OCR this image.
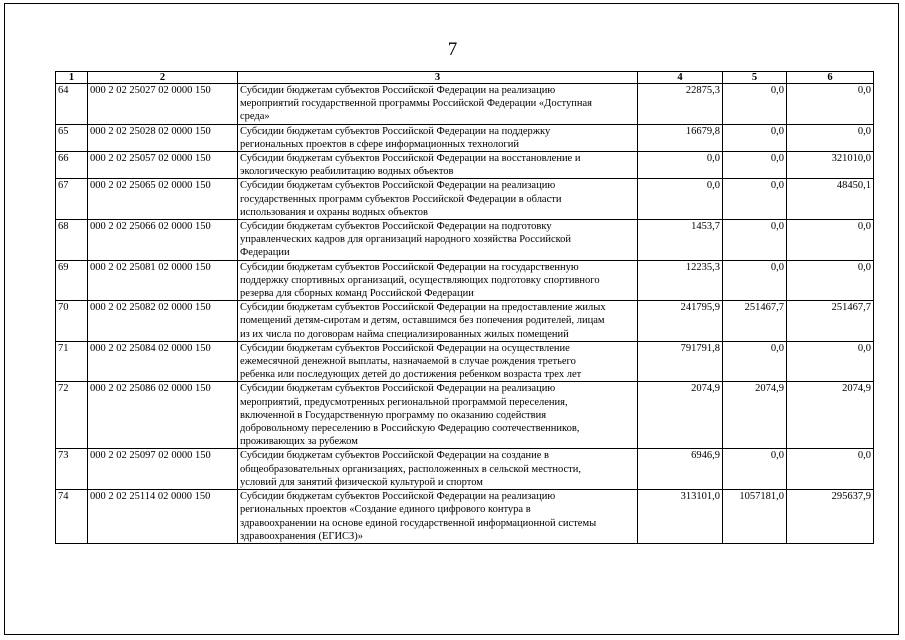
7
1	2	3	4	5	6
64	000 2 02 25027 02 0000 150	Субсидии бюджетам субъектов Российской Федерации на реализацию
мероприятий государственной программы Российской Федерации «Доступная
среда»	22875,3	0,0	0,0
65	000 2 02 25028 02 0000 150	Субсидии бюджетам субъектов Российской Федерации на поддержку
региональных проектов в сфере информационных технологий	16679,8	0,0	0,0
66	000 2 02 25057 02 0000 150	Субсидии бюджетам субъектов Российской Федерации на восстановление и
экологическую реабилитацию водных объектов	0,0	0,0	321010,0
67	000 2 02 25065 02 0000 150	Субсидии бюджетам субъектов Российской Федерации на реализацию
государственных программ субъектов Российской Федерации в области
использования и охраны водных объектов	0,0	0,0	48450,1
68	000 2 02 25066 02 0000 150	Субсидии бюджетам субъектов Российской Федерации на подготовку
управленческих кадров для организаций народного хозяйства Российской
Федерации	1453,7	0,0	0,0
69	000 2 02 25081 02 0000 150	Субсидии бюджетам субъектов Российской Федерации на государственную
поддержку спортивных организаций, осуществляющих подготовку спортивного
резерва для сборных команд Российской Федерации	12235,3	0,0	0,0
70	000 2 02 25082 02 0000 150	Субсидии бюджетам субъектов Российской Федерации на предоставление жилых
помещений детям-сиротам и детям, оставшимся без попечения родителей, лицам
из их числа по договорам найма специализированных жилых помещений	241795,9	251467,7	251467,7
71	000 2 02 25084 02 0000 150	Субсидии бюджетам субъектов Российской Федерации на осуществление
ежемесячной денежной выплаты, назначаемой в случае рождения третьего
ребенка или последующих детей до достижения ребенком возраста трех лет	791791,8	0,0	0,0
72	000 2 02 25086 02 0000 150	Субсидии бюджетам субъектов Российской Федерации на реализацию
мероприятий, предусмотренных региональной программой переселения,
включенной в Государственную программу по оказанию содействия
добровольному переселению в Российскую Федерацию соотечественников,
проживающих за рубежом	2074,9	2074,9	2074,9
73	000 2 02 25097 02 0000 150	Субсидии бюджетам субъектов Российской Федерации на создание в
общеобразовательных организациях, расположенных в сельской местности,
условий для занятий физической культурой и спортом	6946,9	0,0	0,0
74	000 2 02 25114 02 0000 150	Субсидии бюджетам субъектов Российской Федерации на реализацию
региональных проектов «Создание единого цифрового контура в
здравоохранении на основе единой государственной информационной системы
здравоохранения (ЕГИСЗ)»	313101,0	1057181,0	295637,9
